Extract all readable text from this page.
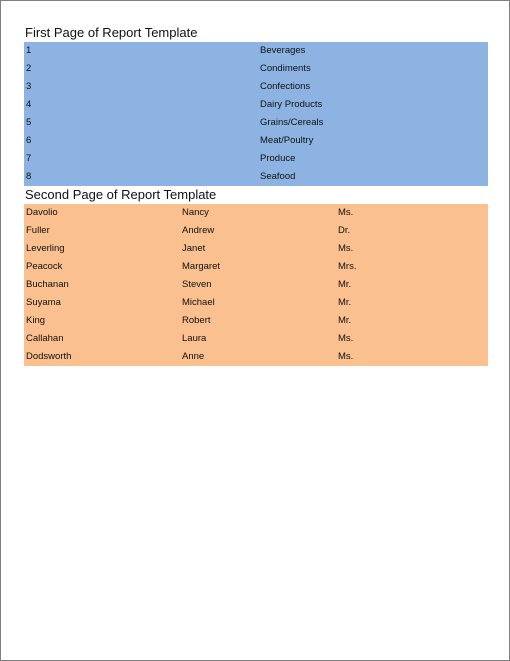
First Page of Report Template
1	Beverages
2	Condiments
3	Confections
4	Dairy Products
5	Grains/Cereals
6	Meat/Poultry
7	Produce
8	Seafood
Second Page of Report Template
Davolio	Nancy	Ms.
Fuller	Andrew	Dr.
Leverling	Janet	Ms.
Peacock	Margaret	Mrs.
Buchanan	Steven	Mr.
Suyama	Michael	Mr.
King	Robert	Mr.
Callahan	Laura	Ms.
Dodsworth	Anne	Ms.
